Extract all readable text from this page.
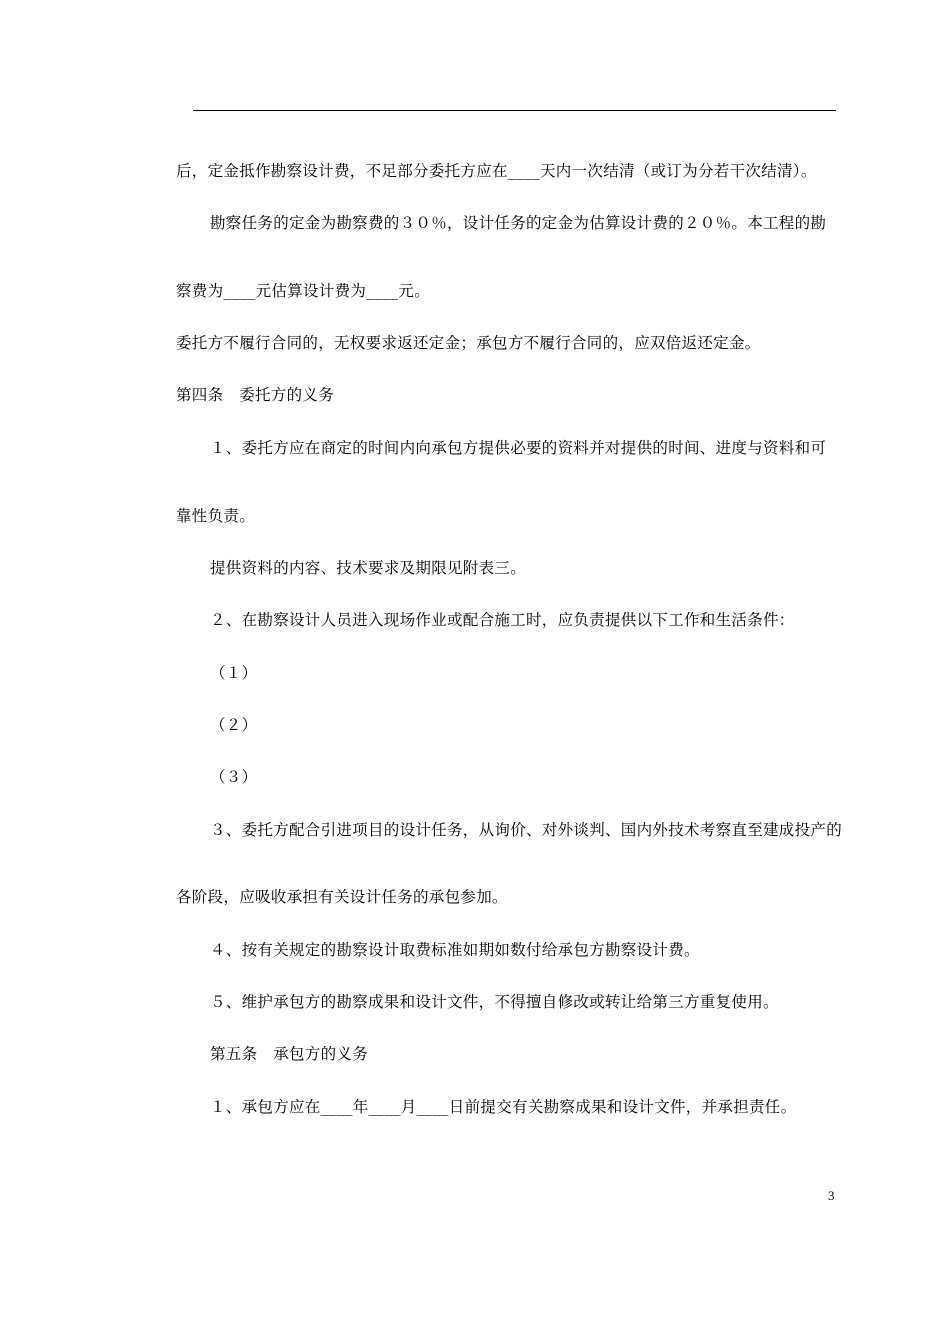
后，定金抵作勘察设计费，不足部分委托方应在____天内一次结清（或订为分若干次结清）。
勘察任务的定金为勘察费的３０％，设计任务的定金为估算设计费的２０％。本工程的勘
察费为____元估算设计费为____元。
委托方不履行合同的，无权要求返还定金；承包方不履行合同的，应双倍返还定金。
第四条　委托方的义务
１、委托方应在商定的时间内向承包方提供必要的资料并对提供的时间、进度与资料和可
靠性负责。
提供资料的内容、技术要求及期限见附表三。
２、在勘察设计人员进入现场作业或配合施工时，应负责提供以下工作和生活条件：
（１）
（２）
（３）
３、委托方配合引进项目的设计任务，从询价、对外谈判、国内外技术考察直至建成投产的
各阶段，应吸收承担有关设计任务的承包参加。
４、按有关规定的勘察设计取费标准如期如数付给承包方勘察设计费。
５、维护承包方的勘察成果和设计文件，不得擅自修改或转让给第三方重复使用。
第五条　承包方的义务
１、承包方应在____年____月____日前提交有关勘察成果和设计文件，并承担责任。
3
